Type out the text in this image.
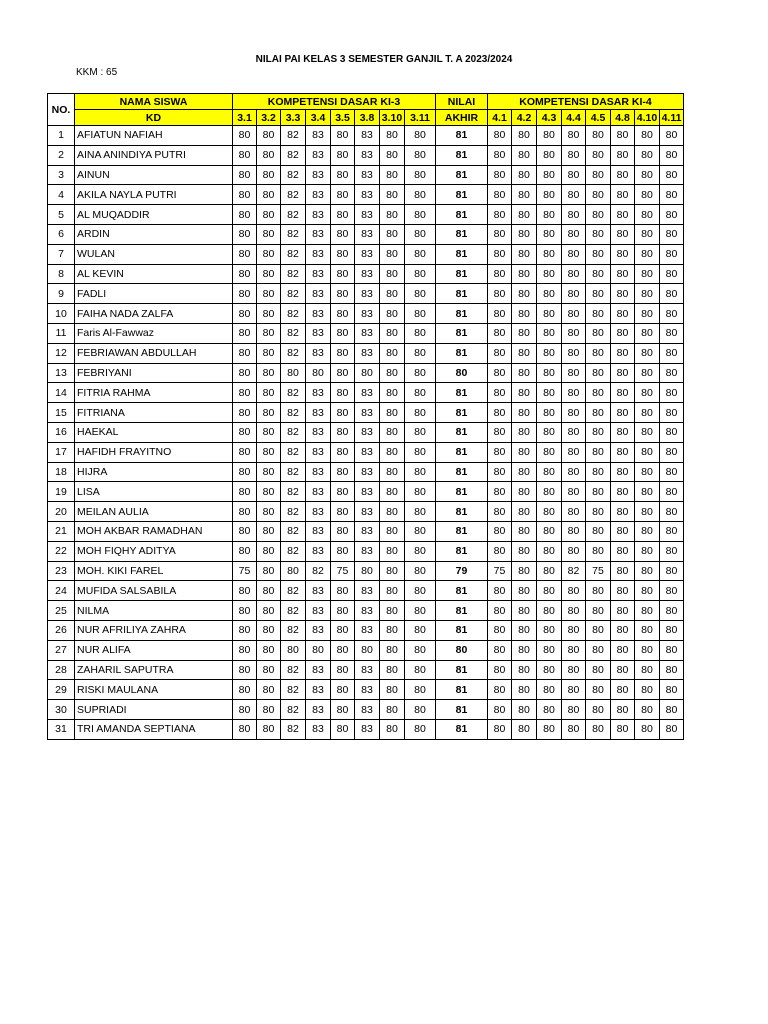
NILAI PAI KELAS 3 SEMESTER GANJIL T. A 2023/2024
KKM : 65
NO.	NAMA SISWA	KOMPETENSI DASAR KI-3								NILAI	KOMPETENSI DASAR KI-4							
	KD	3.1	3.2	3.3	3.4	3.5	3.8	3.10	3.11	AKHIR	4.1	4.2	4.3	4.4	4.5	4.8	4.10	4.11
1	AFIATUN NAFIAH	80	80	82	83	80	83	80	80	81	80	80	80	80	80	80	80	80
2	AINA ANINDIYA PUTRI	80	80	82	83	80	83	80	80	81	80	80	80	80	80	80	80	80
3	AINUN	80	80	82	83	80	83	80	80	81	80	80	80	80	80	80	80	80
4	AKILA NAYLA PUTRI	80	80	82	83	80	83	80	80	81	80	80	80	80	80	80	80	80
5	AL MUQADDIR	80	80	82	83	80	83	80	80	81	80	80	80	80	80	80	80	80
6	ARDIN	80	80	82	83	80	83	80	80	81	80	80	80	80	80	80	80	80
7	WULAN	80	80	82	83	80	83	80	80	81	80	80	80	80	80	80	80	80
8	AL KEVIN	80	80	82	83	80	83	80	80	81	80	80	80	80	80	80	80	80
9	FADLI	80	80	82	83	80	83	80	80	81	80	80	80	80	80	80	80	80
10	FAIHA NADA ZALFA	80	80	82	83	80	83	80	80	81	80	80	80	80	80	80	80	80
11	Faris Al-Fawwaz	80	80	82	83	80	83	80	80	81	80	80	80	80	80	80	80	80
12	FEBRIAWAN ABDULLAH	80	80	82	83	80	83	80	80	81	80	80	80	80	80	80	80	80
13	FEBRIYANI	80	80	80	80	80	80	80	80	80	80	80	80	80	80	80	80	80
14	FITRIA RAHMA	80	80	82	83	80	83	80	80	81	80	80	80	80	80	80	80	80
15	FITRIANA	80	80	82	83	80	83	80	80	81	80	80	80	80	80	80	80	80
16	HAEKAL	80	80	82	83	80	83	80	80	81	80	80	80	80	80	80	80	80
17	HAFIDH FRAYITNO	80	80	82	83	80	83	80	80	81	80	80	80	80	80	80	80	80
18	HIJRA	80	80	82	83	80	83	80	80	81	80	80	80	80	80	80	80	80
19	LISA	80	80	82	83	80	83	80	80	81	80	80	80	80	80	80	80	80
20	MEILAN AULIA	80	80	82	83	80	83	80	80	81	80	80	80	80	80	80	80	80
21	MOH AKBAR RAMADHAN	80	80	82	83	80	83	80	80	81	80	80	80	80	80	80	80	80
22	MOH FIQHY ADITYA	80	80	82	83	80	83	80	80	81	80	80	80	80	80	80	80	80
23	MOH. KIKI FAREL	75	80	80	82	75	80	80	80	79	75	80	80	82	75	80	80	80
24	MUFIDA SALSABILA	80	80	82	83	80	83	80	80	81	80	80	80	80	80	80	80	80
25	NILMA	80	80	82	83	80	83	80	80	81	80	80	80	80	80	80	80	80
26	NUR AFRILIYA ZAHRA	80	80	82	83	80	83	80	80	81	80	80	80	80	80	80	80	80
27	NUR ALIFA	80	80	80	80	80	80	80	80	80	80	80	80	80	80	80	80	80
28	ZAHARIL SAPUTRA	80	80	82	83	80	83	80	80	81	80	80	80	80	80	80	80	80
29	RISKI MAULANA	80	80	82	83	80	83	80	80	81	80	80	80	80	80	80	80	80
30	SUPRIADI	80	80	82	83	80	83	80	80	81	80	80	80	80	80	80	80	80
31	TRI AMANDA SEPTIANA	80	80	82	83	80	83	80	80	81	80	80	80	80	80	80	80	80
